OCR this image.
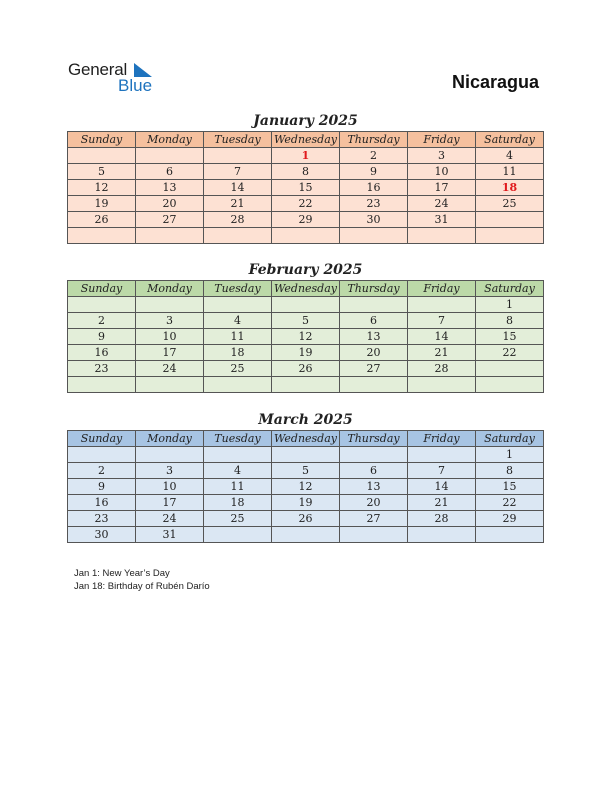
General
Blue	Nicaragua
January 2025
Sunday	Monday	Tuesday	Wednesday	Thursday	Friday	Saturday
			1	2	3	4
5	6	7	8	9	10	11
12	13	14	15	16	17	18
19	20	21	22	23	24	25
26	27	28	29	30	31	

February 2025
Sunday	Monday	Tuesday	Wednesday	Thursday	Friday	Saturday
						1
2	3	4	5	6	7	8
9	10	11	12	13	14	15
16	17	18	19	20	21	22
23	24	25	26	27	28	

March 2025
Sunday	Monday	Tuesday	Wednesday	Thursday	Friday	Saturday
						1
2	3	4	5	6	7	8
9	10	11	12	13	14	15
16	17	18	19	20	21	22
23	24	25	26	27	28	29
30	31					
Jan 1: New Year’s Day
Jan 18: Birthday of Rubén Darío
